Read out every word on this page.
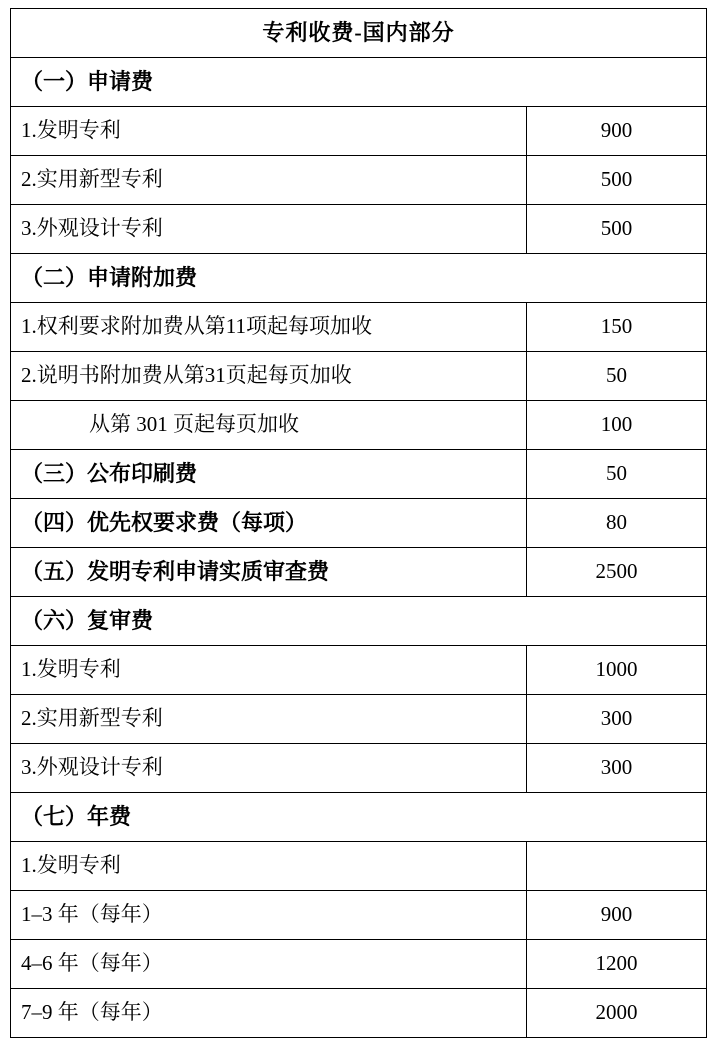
专利收费-国内部分	

（一）申请费	

1.发明专利	900

2.实用新型专利	500

3.外观设计专利	500

（二）申请附加费	

1.权利要求附加费从第11项起每项加收	150

2.说明书附加费从第31页起每页加收	50

从第 301 页起每页加收	100

（三）公布印刷费	50

（四）优先权要求费（每项）	80

（五）发明专利申请实质审查费	2500

（六）复审费	

1.发明专利	1000

2.实用新型专利	300

3.外观设计专利	300

（七）年费	

1.发明专利	

1–3 年（每年）	900

4–6 年（每年）	1200

7–9 年（每年）	2000
